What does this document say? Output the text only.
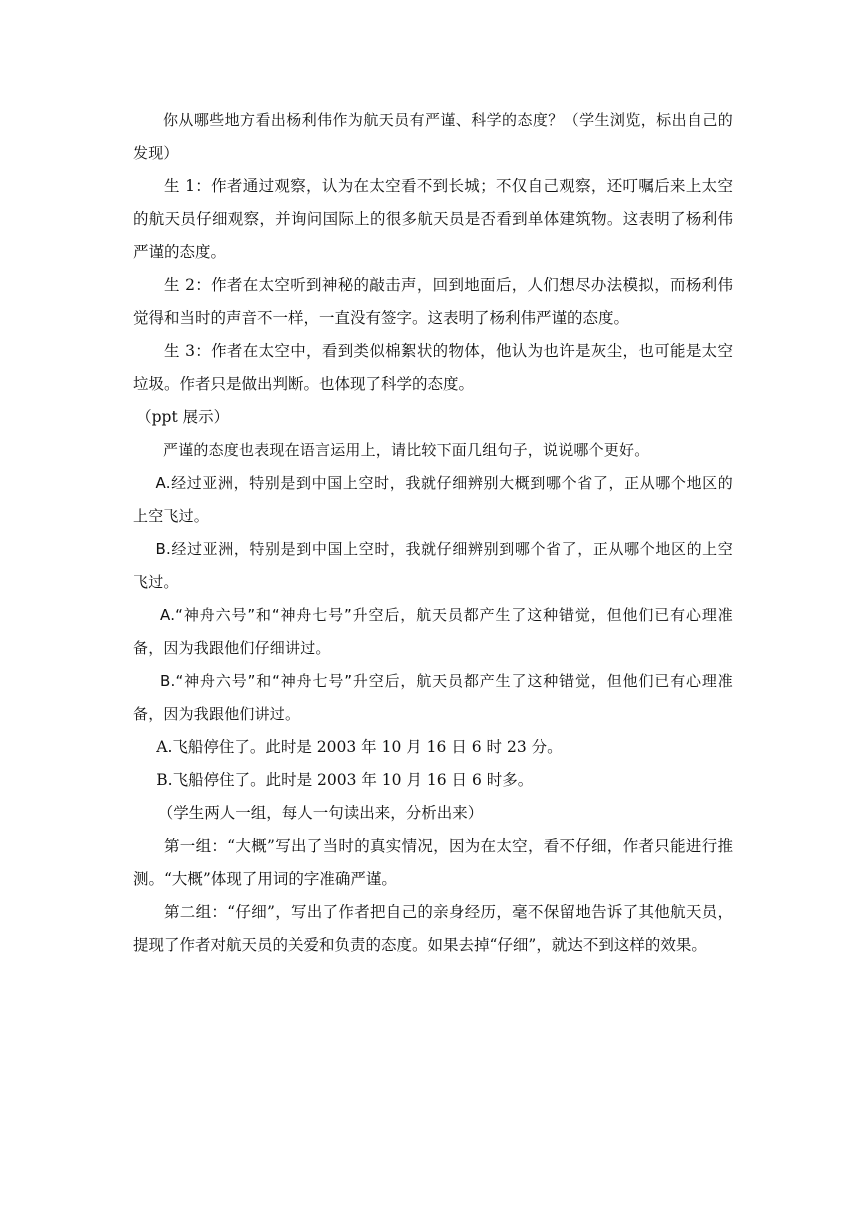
你从哪些地方看出杨利伟作为航天员有严谨、科学的态度？（学生浏览，标出自己的发现）

生 1：作者通过观察，认为在太空看不到长城；不仅自己观察，还叮嘱后来上太空的航天员仔细观察，并询问国际上的很多航天员是否看到单体建筑物。这表明了杨利伟严谨的态度。

生 2：作者在太空听到神秘的敲击声，回到地面后，人们想尽办法模拟，而杨利伟觉得和当时的声音不一样，一直没有签字。这表明了杨利伟严谨的态度。

生 3：作者在太空中，看到类似棉絮状的物体，他认为也许是灰尘，也可能是太空垃圾。作者只是做出判断。也体现了科学的态度。

（ppt 展示）

严谨的态度也表现在语言运用上，请比较下面几组句子，说说哪个更好。

A.经过亚洲，特别是到中国上空时，我就仔细辨别大概到哪个省了，正从哪个地区的上空飞过。

B.经过亚洲，特别是到中国上空时，我就仔细辨别到哪个省了，正从哪个地区的上空飞过。

A.“神舟六号”和“神舟七号”升空后，航天员都产生了这种错觉，但他们已有心理准备，因为我跟他们仔细讲过。

B.“神舟六号”和“神舟七号”升空后，航天员都产生了这种错觉，但他们已有心理准备，因为我跟他们讲过。

A.飞船停住了。此时是 2003 年 10 月 16 日 6 时 23 分。

B.飞船停住了。此时是 2003 年 10 月 16 日 6 时多。

（学生两人一组，每人一句读出来，分析出来）

第一组：“大概”写出了当时的真实情况，因为在太空，看不仔细，作者只能进行推测。“大概”体现了用词的字准确严谨。

第二组：“仔细”，写出了作者把自己的亲身经历，毫不保留地告诉了其他航天员，提现了作者对航天员的关爱和负责的态度。如果去掉“仔细”，就达不到这样的效果。
